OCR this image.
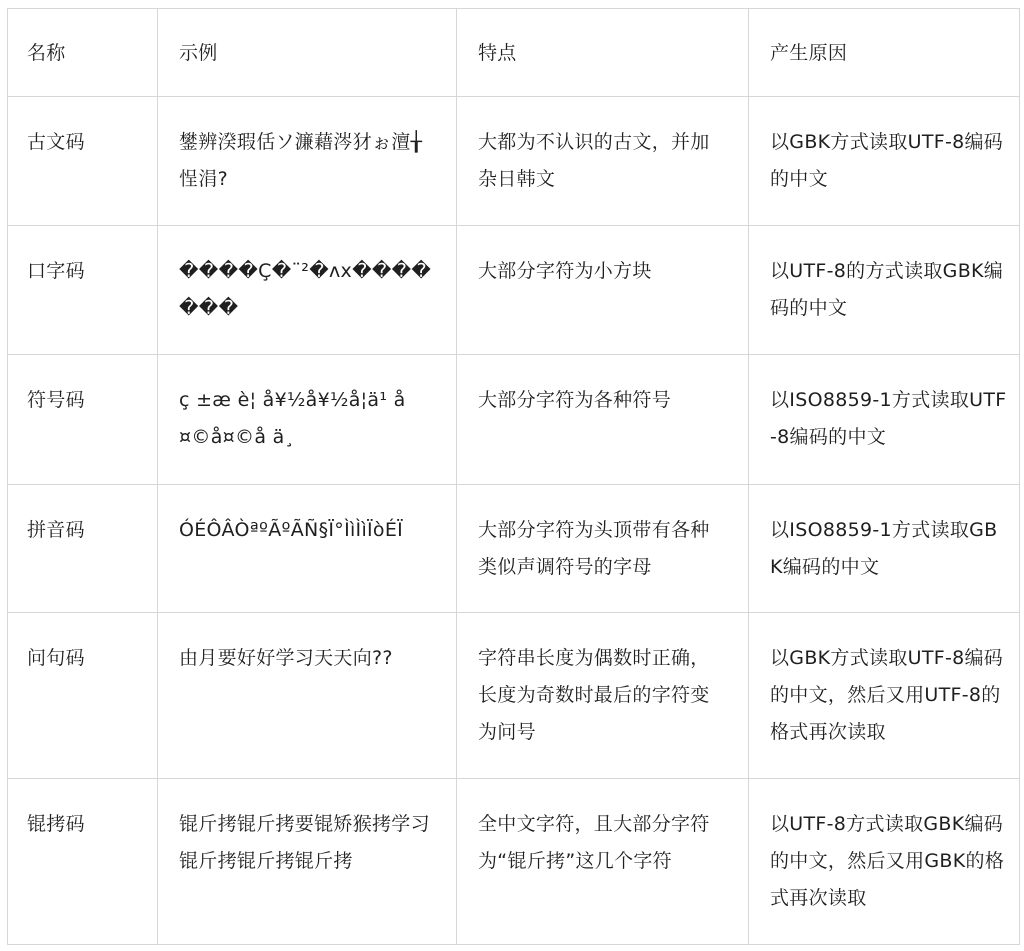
名称	示例	特点	产生原因

古文码	鐢辨湀瑕佸ソ濂藉涔犲ぉ澶╁悜涓?	大都为不认识的古文，并加杂日韩文	以GBK方式读取UTF-8编码的中文

口字码	����Ç�¨²�ʌх�������	大部分字符为小方块	以UTF-8的方式读取GBK编码的中文

符号码	ç ±æ è¦ å¥½å¥½å¦ä¹ å¤©å¤©å ä¸	大部分字符为各种符号	以ISO8859-1方式读取UTF-8编码的中文

拼音码	ÓÉÔÂÒªºÃºÃÑ§Ï°ÌìÌìÏòÉÏ	大部分字符为头顶带有各种类似声调符号的字母	以ISO8859-1方式读取GBK编码的中文

问句码	由月要好好学习天天向??	字符串长度为偶数时正确，长度为奇数时最后的字符变为问号	以GBK方式读取UTF-8编码的中文，然后又用UTF-8的格式再次读取

锟拷码	锟斤拷锟斤拷要锟矫猴拷学习锟斤拷锟斤拷锟斤拷	全中文字符，且大部分字符为“锟斤拷”这几个字符	以UTF-8方式读取GBK编码的中文，然后又用GBK的格式再次读取
